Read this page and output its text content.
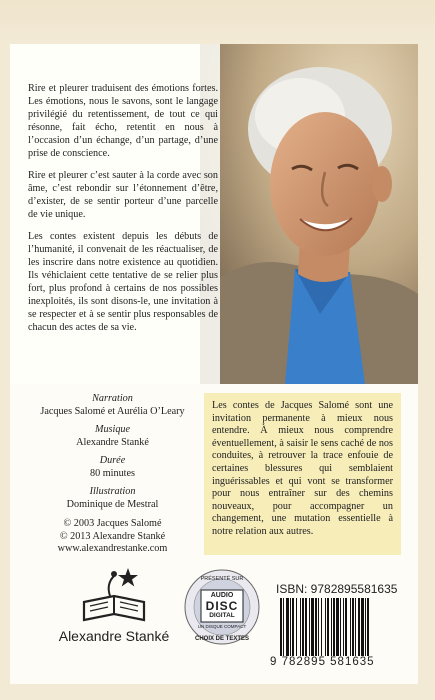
Rire et pleurer traduisent des émotions fortes. Les émotions, nous le savons, sont le langage privilégié du retentissement, de tout ce qui résonne, fait écho, retentit en nous à l’occasion d’un échange, d’un partage, d’une prise de conscience.

Rire et pleurer c’est sauter à la corde avec son âme, c’est rebondir sur l’étonnement d’être, d’exister, de se sentir porteur d’une parcelle de vie unique.

Les contes existent depuis les débuts de l’humanité, il convenait de les réactualiser, de les inscrire dans notre existence au quotidien. Ils véhiclaient cette tentative de se relier plus fort, plus profond à certains de nos possibles inexploités, ils sont disons-le, une invitation à se respecter et à se sentir plus responsables de chacun des actes de sa vie.

Narration
Jacques Salomé et Aurélia O’Leary
Musique
Alexandre Stanké
Durée
80 minutes
Illustration
Dominique de Mestral
© 2003 Jacques Salomé
© 2013 Alexandre Stanké
www.alexandrestanke.com
Les contes de Jacques Salomé sont une invitation permanente à mieux nous entendre. À mieux nous comprendre éventuellement, à saisir le sens caché de nos conduites, à retrouver la trace enfouie de certaines blessures qui semblaient inguérissables et qui vont se transformer pour nous entraîner sur des chemins nouveaux, pour accompagner un changement, une mutation essentielle à notre relation aux autres.
Alexandre Stanké
PRÉSENTÉ SUR
AUDIO
DISC
DIGITAL
UN DISQUE COMPACT
CHOIX DE TEXTES
ISBN: 9782895581635
9 782895 581635
